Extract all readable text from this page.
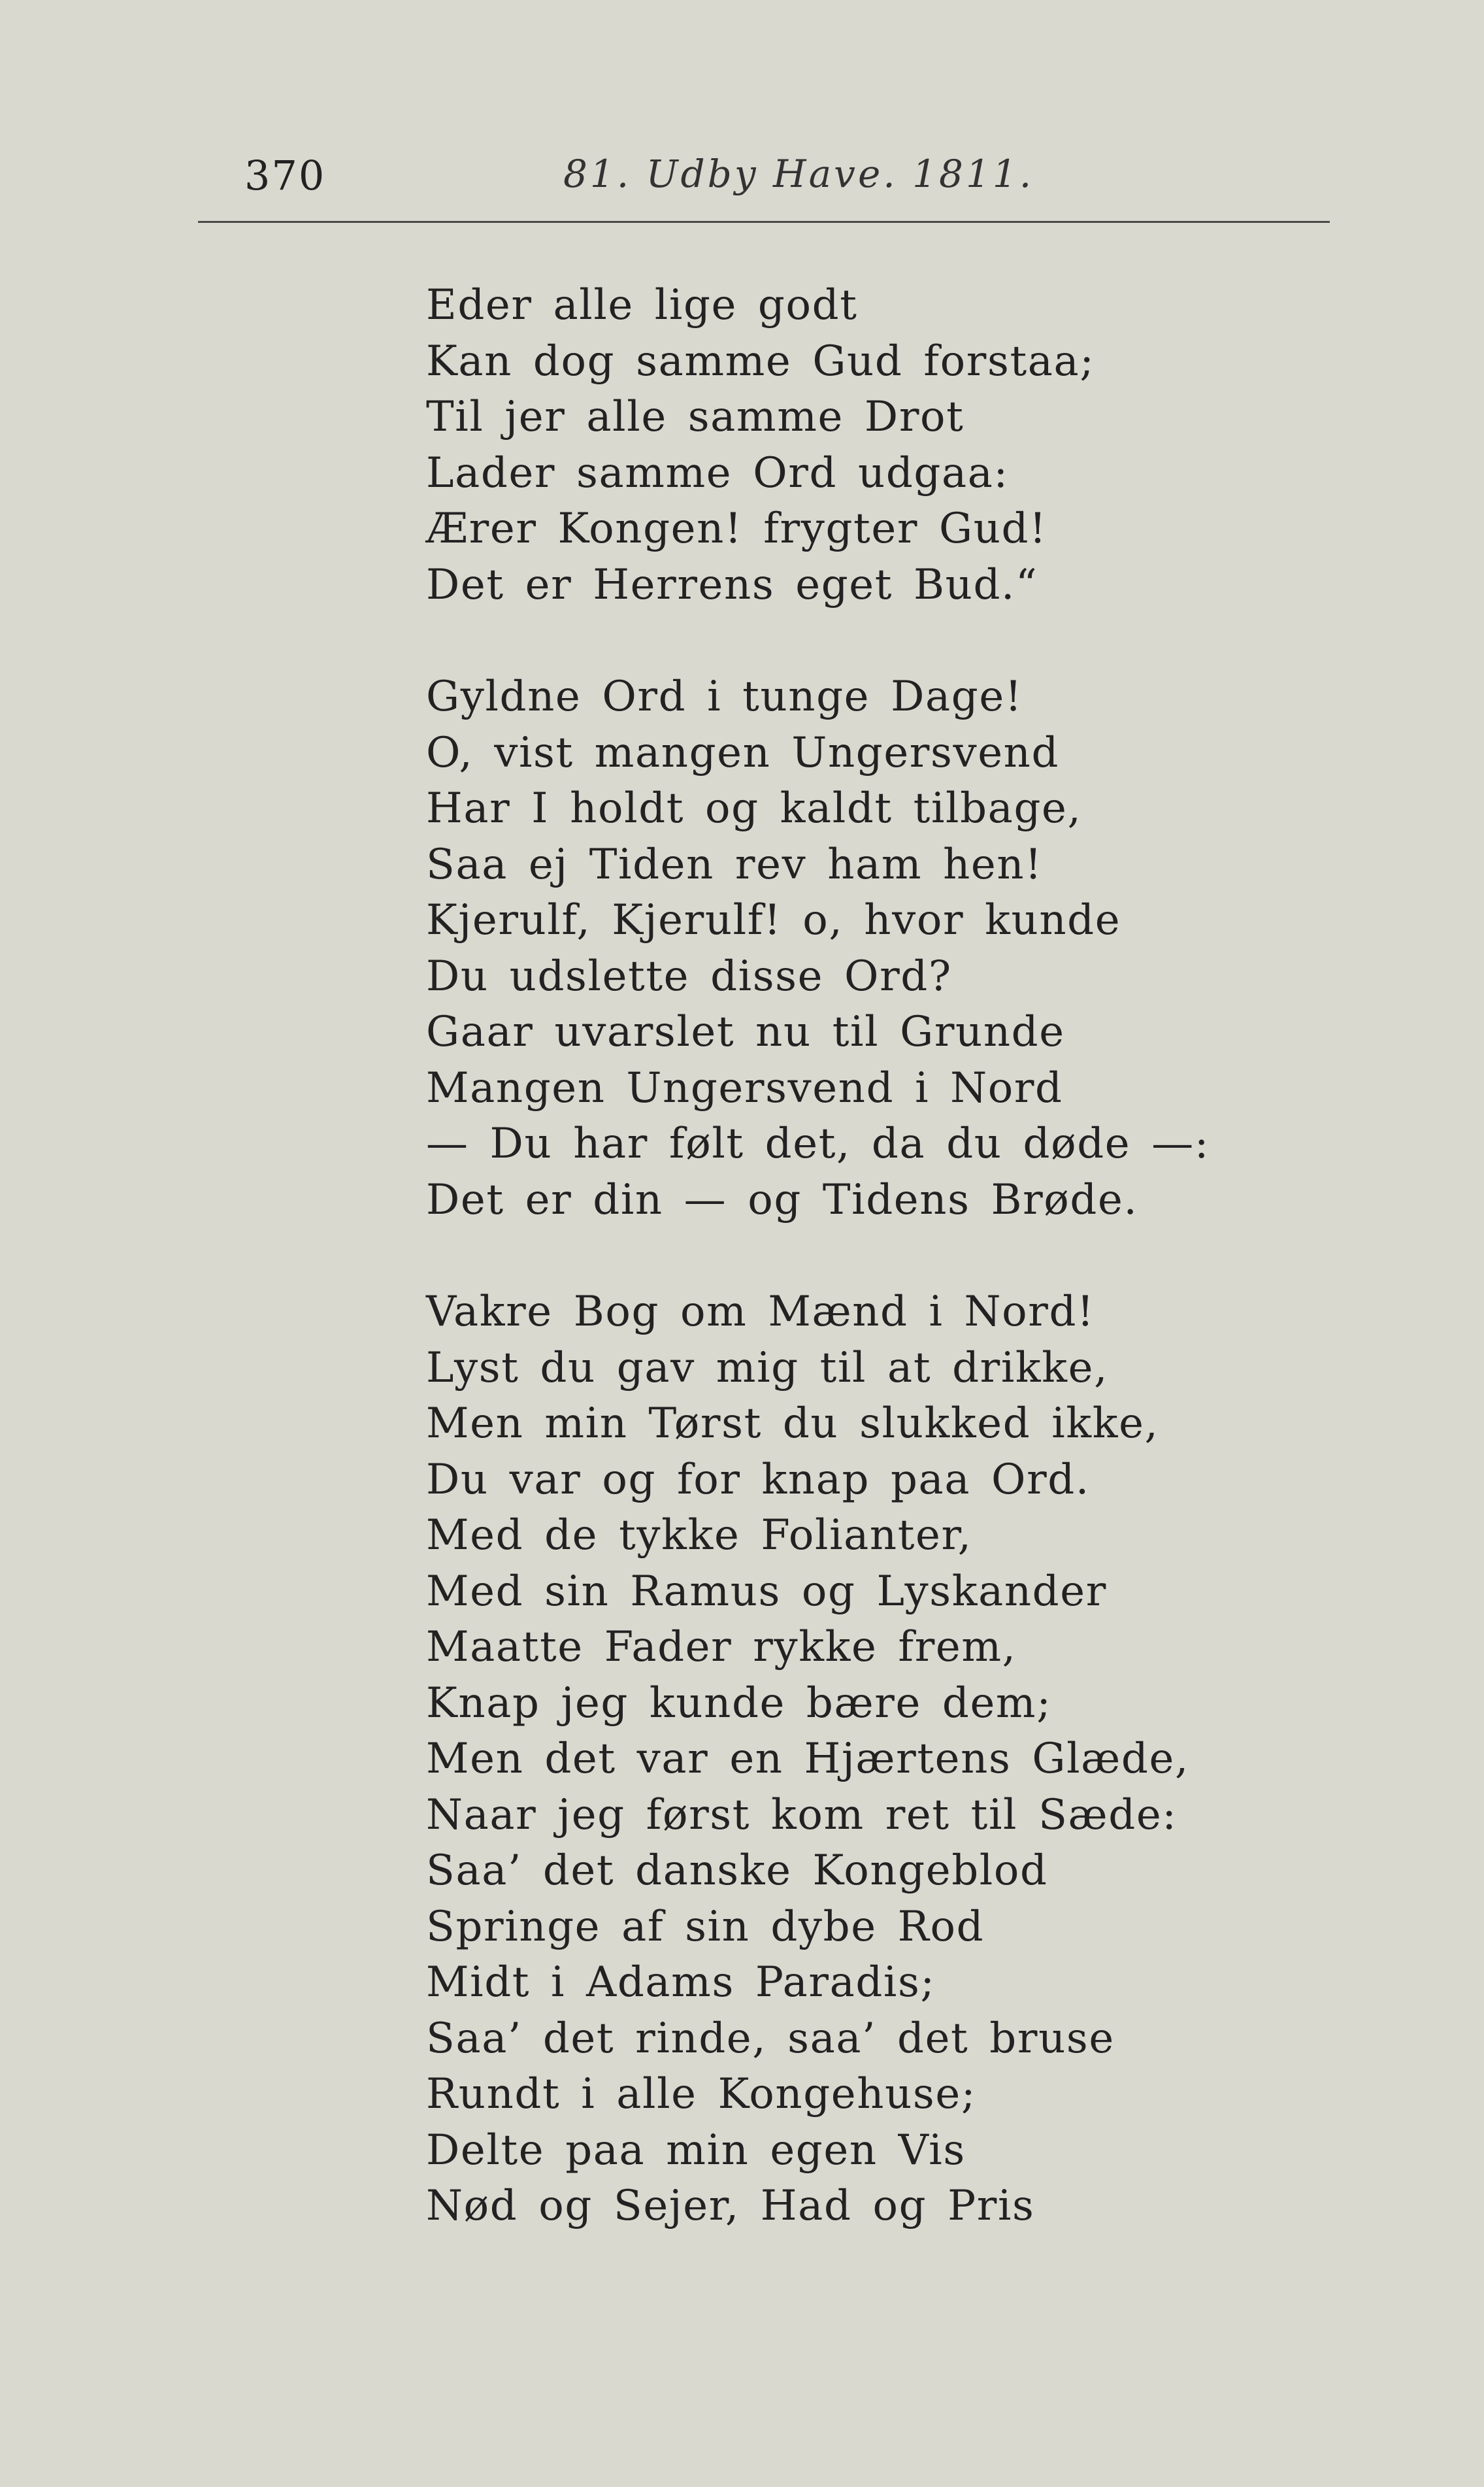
370	81. Udby Have. 1811.
Eder alle lige godt
Kan dog samme Gud forstaa;
Til jer alle samme Drot
Lader samme Ord udgaa:
Ærer Kongen! frygter Gud!
Det er Herrens eget Bud.“
Gyldne Ord i tunge Dage!
O, vist mangen Ungersvend
Har I holdt og kaldt tilbage,
Saa ej Tiden rev ham hen!
Kjerulf, Kjerulf! o, hvor kunde
Du udslette disse Ord?
Gaar uvarslet nu til Grunde
Mangen Ungersvend i Nord
— Du har følt det, da du døde —:
Det er din — og Tidens Brøde.
Vakre Bog om Mænd i Nord!
Lyst du gav mig til at drikke,
Men min Tørst du slukked ikke,
Du var og for knap paa Ord.
Med de tykke Folianter,
Med sin Ramus og Lyskander
Maatte Fader rykke frem,
Knap jeg kunde bære dem;
Men det var en Hjærtens Glæde,
Naar jeg først kom ret til Sæde:
Saa’ det danske Kongeblod
Springe af sin dybe Rod
Midt i Adams Paradis;
Saa’ det rinde, saa’ det bruse
Rundt i alle Kongehuse;
Delte paa min egen Vis
Nød og Sejer, Had og Pris
